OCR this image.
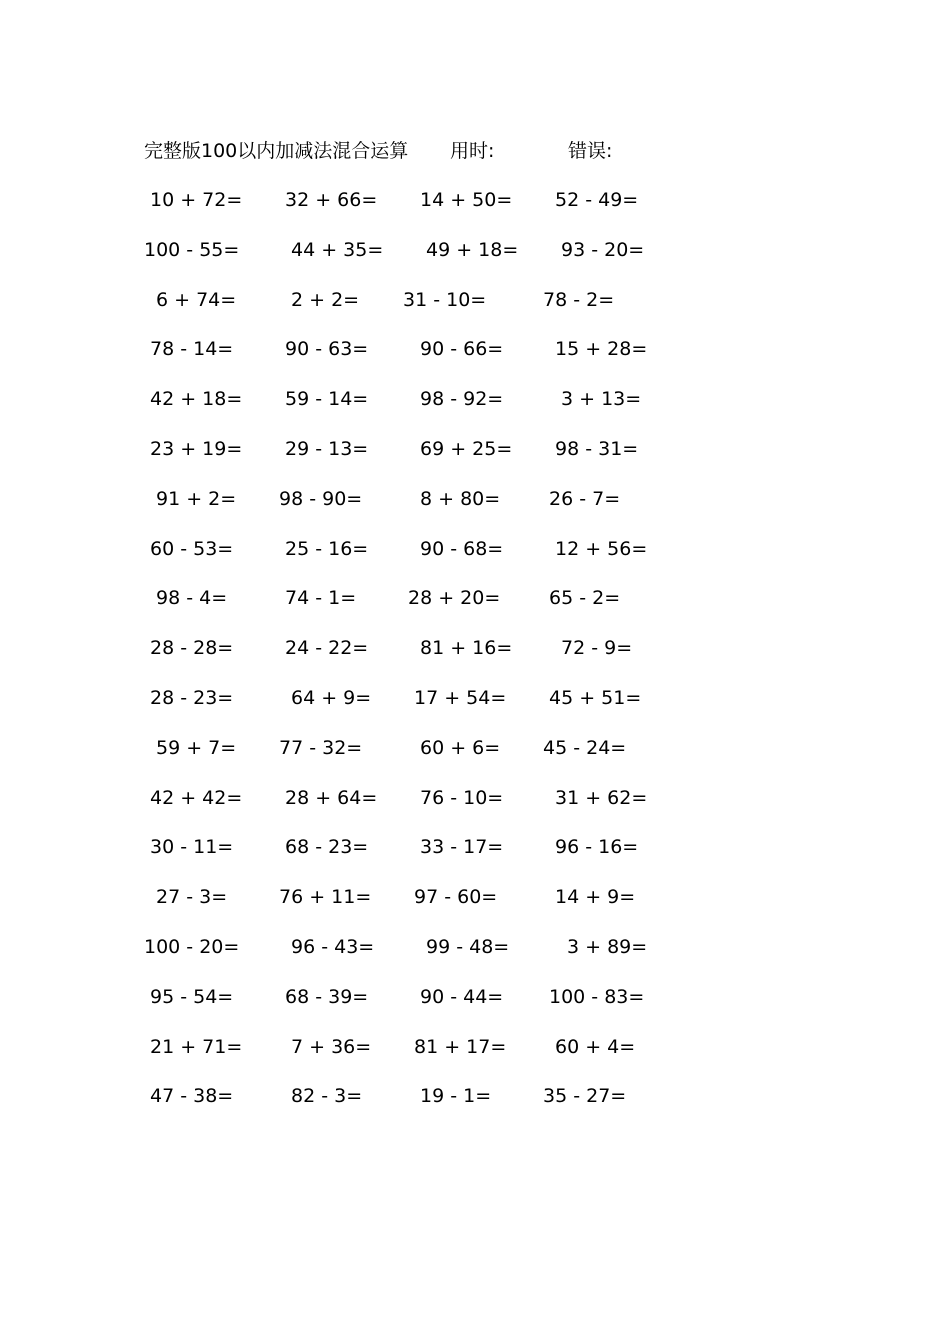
完整版100以内加减法混合运算 用时:	错误:
10 + 72= 32 + 66= 14 + 50= 52 - 49=
100 - 55=	44 + 35= 49 + 18= 93 - 20=
6 + 74=	2 + 2= 31 - 10=	78 - 2=
78 - 14=	90 - 63=	90 - 66=	15 + 28=
42 + 18= 59 - 14=	98 - 92=	3 + 13=
23 + 19= 29 - 13=	69 + 25= 98 - 31=
91 + 2= 98 - 90=	8 + 80=	26 - 7=
60 - 53=	25 - 16=	90 - 68=	12 + 56=
98 - 4=	74 - 1=	28 + 20=	65 - 2=
28 - 28=	24 - 22=	81 + 16=	72 - 9=
28 - 23=	64 + 9= 17 + 54= 45 + 51=
59 + 7= 77 - 32=	60 + 6= 45 - 24=
42 + 42= 28 + 64= 76 - 10=	31 + 62=
30 - 11=	68 - 23=	33 - 17=	96 - 16=
27 - 3=	76 + 11= 97 - 60=	14 + 9=
100 - 20=	96 - 43=	99 - 48=	3 + 89=
95 - 54=	68 - 39=	90 - 44= 100 - 83=
21 + 71=	7 + 36= 81 + 17=	60 + 4=
47 - 38=	82 - 3=	19 - 1=	35 - 27=
